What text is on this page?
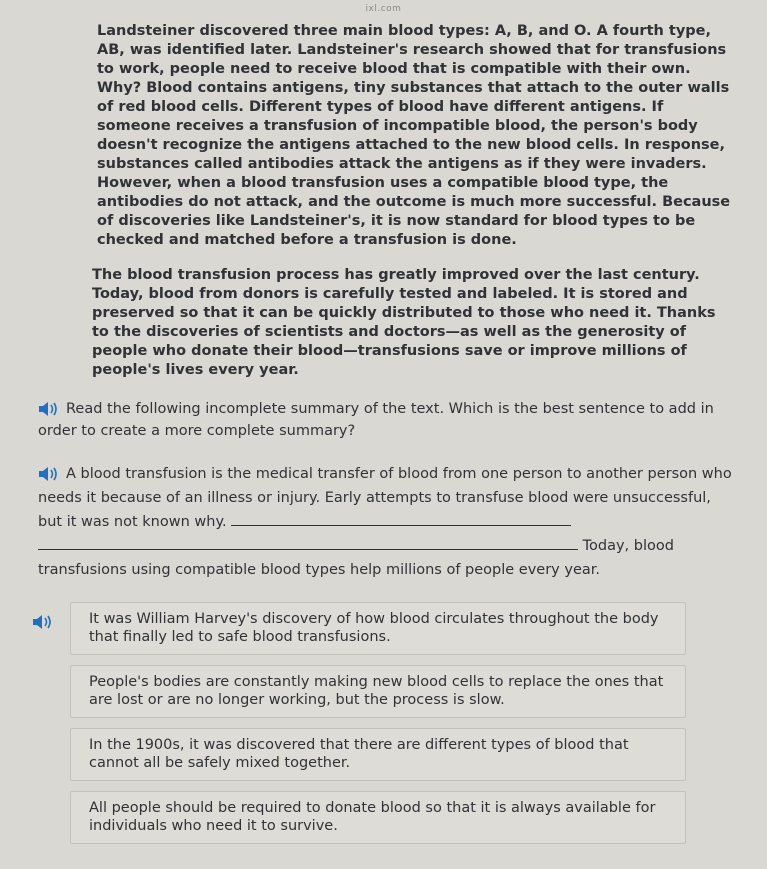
ixl.com

Landsteiner discovered three main blood types: A, B, and O. A fourth type, AB, was identified later. Landsteiner's research showed that for transfusions to work, people need to receive blood that is compatible with their own. Why? Blood contains antigens, tiny substances that attach to the outer walls of red blood cells. Different types of blood have different antigens. If someone receives a transfusion of incompatible blood, the person's body doesn't recognize the antigens attached to the new blood cells. In response, substances called antibodies attack the antigens as if they were invaders. However, when a blood transfusion uses a compatible blood type, the antibodies do not attack, and the outcome is much more successful. Because of discoveries like Landsteiner's, it is now standard for blood types to be checked and matched before a transfusion is done.

The blood transfusion process has greatly improved over the last century. Today, blood from donors is carefully tested and labeled. It is stored and preserved so that it can be quickly distributed to those who need it. Thanks to the discoveries of scientists and doctors—as well as the generosity of people who donate their blood—transfusions save or improve millions of people's lives every year.

Read the following incomplete summary of the text. Which is the best sentence to add in order to create a more complete summary?
A blood transfusion is the medical transfer of blood from one person to another person who needs it because of an illness or injury. Early attempts to transfuse blood were unsuccessful, but it was not known why.   Today, blood transfusions using compatible blood types help millions of people every year.
It was William Harvey's discovery of how blood circulates throughout the body that finally led to safe blood transfusions.
People's bodies are constantly making new blood cells to replace the ones that are lost or are no longer working, but the process is slow.
In the 1900s, it was discovered that there are different types of blood that cannot all be safely mixed together.
All people should be required to donate blood so that it is always available for individuals who need it to survive.
